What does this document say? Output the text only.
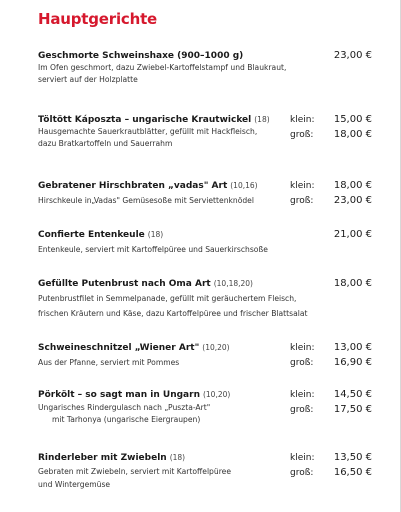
Hauptgerichte
Geschmorte Schweinshaxe (900–1000 g)
Im Ofen geschmort, dazu Zwiebel-Kartoffelstampf und Blaukraut,
serviert auf der Holzplatte
23,00 €
Töltött Káposzta – ungarische Krautwickel (18)
Hausgemachte Sauerkrautblätter, gefüllt mit Hackfleisch,
dazu Bratkartoffeln und Sauerrahm
klein:	15,00 €
groß:	18,00 €
Gebratener Hirschbraten „vadas" Art (10,16)
Hirschkeule in„Vadas" Gemüsesoße mit Serviettenknödel
klein:	18,00 €
groß:	23,00 €
Confierte Entenkeule (18)
Entenkeule, serviert mit Kartoffelpüree und Sauerkirschsoße
21,00 €
Gefüllte Putenbrust nach Oma Art (10,18,20)
Putenbrustfilet in Semmelpanade, gefüllt mit geräuchertem Fleisch,
frischen Kräutern und Käse, dazu Kartoffelpüree und frischer Blattsalat
18,00 €
Schweineschnitzel „Wiener Art" (10,20)
Aus der Pfanne, serviert mit Pommes
klein:	13,00 €
groß:	16,90 €
Pörkölt – so sagt man in Ungarn (10,20)
Ungarisches Rindergulasch nach „Puszta-Art"
mit Tarhonya (ungarische Eiergraupen)
klein:	14,50 €
groß:	17,50 €
Rinderleber mit Zwiebeln (18)
Gebraten mit Zwiebeln, serviert mit Kartoffelpüree
und Wintergemüse
klein:	13,50 €
groß:	16,50 €
